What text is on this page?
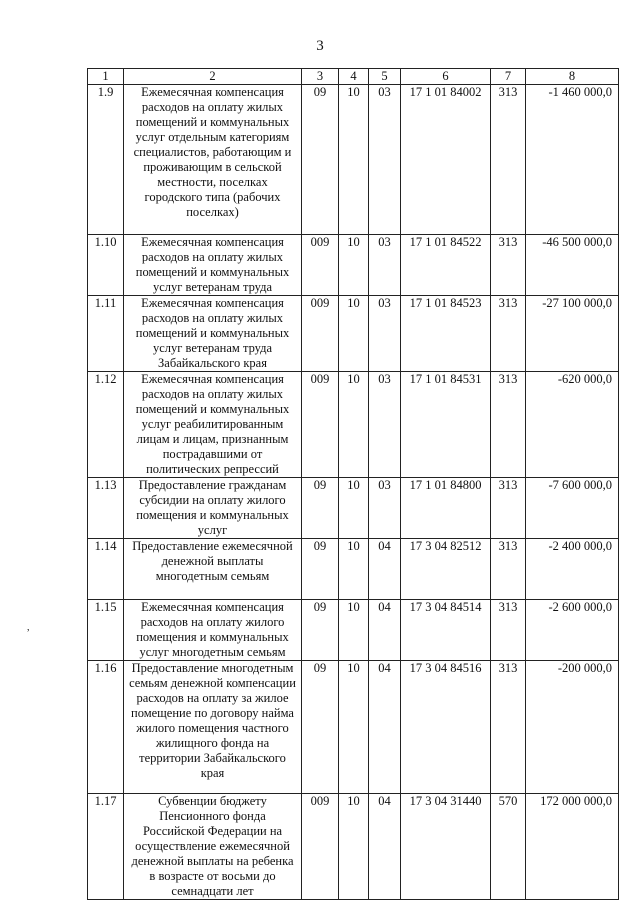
3
1	2	3	4	5	6	7	8
1.9	Ежемесячная компенсация расходов на оплату жилых помещений и коммунальных услуг отдельным категориям специалистов, работающим и проживающим в сельской местности, поселках городского типа (рабочих поселках)	09	10	03	17 1 01 84002	313	-1 460 000,0
1.10	Ежемесячная компенсация расходов на оплату жилых помещений и коммунальных услуг ветеранам труда	009	10	03	17 1 01 84522	313	-46 500 000,0
1.11	Ежемесячная компенсация расходов на оплату жилых помещений и коммунальных услуг ветеранам труда Забайкальского края	009	10	03	17 1 01 84523	313	-27 100 000,0
1.12	Ежемесячная компенсация расходов на оплату жилых помещений и коммунальных услуг реабилитированным лицам и лицам, признанным пострадавшими от политических репрессий	009	10	03	17 1 01 84531	313	-620 000,0
1.13	Предоставление гражданам субсидии на оплату жилого помещения и коммунальных услуг	09	10	03	17 1 01 84800	313	-7 600 000,0
1.14	Предоставление ежемесячной денежной выплаты многодетным семьям	09	10	04	17 3 04 82512	313	-2 400 000,0
1.15	Ежемесячная компенсация расходов на оплату жилого помещения и коммунальных услуг многодетным семьям	09	10	04	17 3 04 84514	313	-2 600 000,0
1.16	Предоставление многодетным семьям денежной компенсации расходов на оплату за жилое помещение по договору найма жилого помещения частного жилищного фонда на территории Забайкальского края	09	10	04	17 3 04 84516	313	-200 000,0
1.17	Субвенции бюджету Пенсионного фонда Российской Федерации на осуществление ежемесячной денежной выплаты на ребенка в возрасте от восьми до семнадцати лет	009	10	04	17 3 04 31440	570	172 000 000,0
,
